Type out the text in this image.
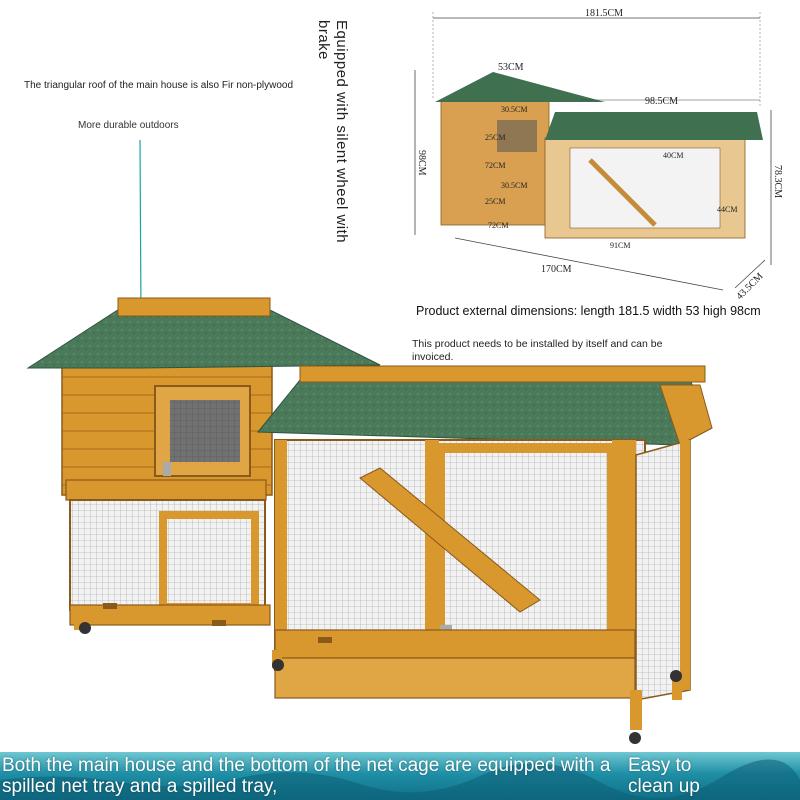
The triangular roof of the main house is also Fir non-plywood
More durable outdoors	Equipped with silent wheel with brake
181.5CM
53CM
98.5CM
30.5CM
25CM
72CM
30.5CM
25CM
72CM
40CM
44CM
91CM
170CM
98CM
78.3CM
43.5CM
Product external dimensions: length 181.5 width 53 high 98cm
This product needs to be installed by itself and can be invoiced.
Both the main house and the bottom of the net cage are equipped with a spilled net tray and a spilled tray,
Easy to clean up
